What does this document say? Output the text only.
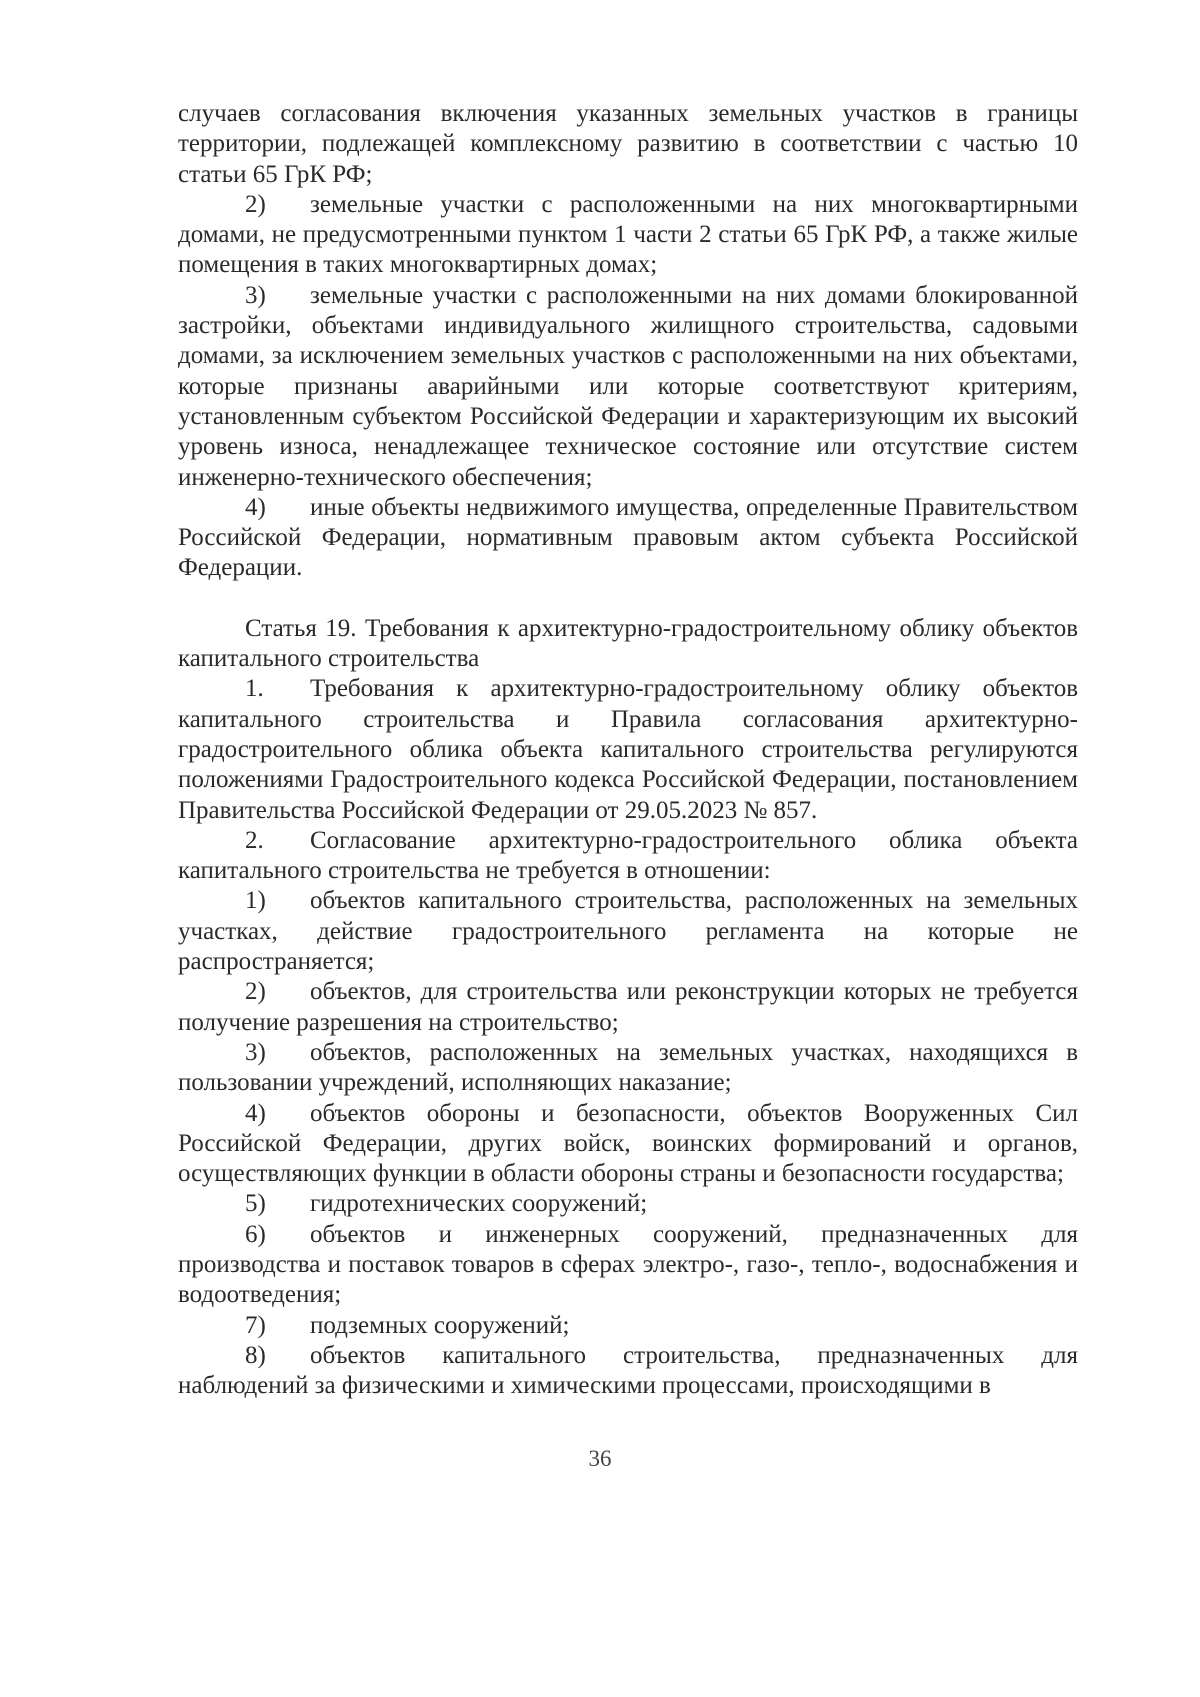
случаев согласования включения указанных земельных участков в границы территории, подлежащей комплексному развитию в соответствии с частью 10 статьи 65 ГрК РФ;

2) земельные участки с расположенными на них многоквартирными домами, не предусмотренными пунктом 1 части 2 статьи 65 ГрК РФ, а также жилые помещения в таких многоквартирных домах;

3) земельные участки с расположенными на них домами блокированной застройки, объектами индивидуального жилищного строительства, садовыми домами, за исключением земельных участков с расположенными на них объектами, которые признаны аварийными или которые соответствуют критериям, установленным субъектом Российской Федерации и характеризующим их высокий уровень износа, ненадлежащее техническое состояние или отсутствие систем инженерно-технического обеспечения;

4) иные объекты недвижимого имущества, определенные Правительством Российской Федерации, нормативным правовым актом субъекта Российской Федерации.

Статья 19. Требования к архитектурно-градостроительному облику объектов капитального строительства

1. Требования к архитектурно-градостроительному облику объектов капитального строительства и Правила согласования архитектурно-градостроительного облика объекта капитального строительства регулируются положениями Градостроительного кодекса Российской Федерации, постановлением Правительства Российской Федерации от 29.05.2023 № 857.

2. Согласование архитектурно-градостроительного облика объекта капитального строительства не требуется в отношении:

1) объектов капитального строительства, расположенных на земельных участках, действие градостроительного регламента на которые не распространяется;

2) объектов, для строительства или реконструкции которых не требуется получение разрешения на строительство;

3) объектов, расположенных на земельных участках, находящихся в пользовании учреждений, исполняющих наказание;

4) объектов обороны и безопасности, объектов Вооруженных Сил Российской Федерации, других войск, воинских формирований и органов, осуществляющих функции в области обороны страны и безопасности государства;

5) гидротехнических сооружений;

6) объектов и инженерных сооружений, предназначенных для производства и поставок товаров в сферах электро-, газо-, тепло-, водоснабжения и водоотведения;

7) подземных сооружений;

8) объектов капитального строительства, предназначенных для наблюдений за физическими и химическими процессами, происходящими в

36
